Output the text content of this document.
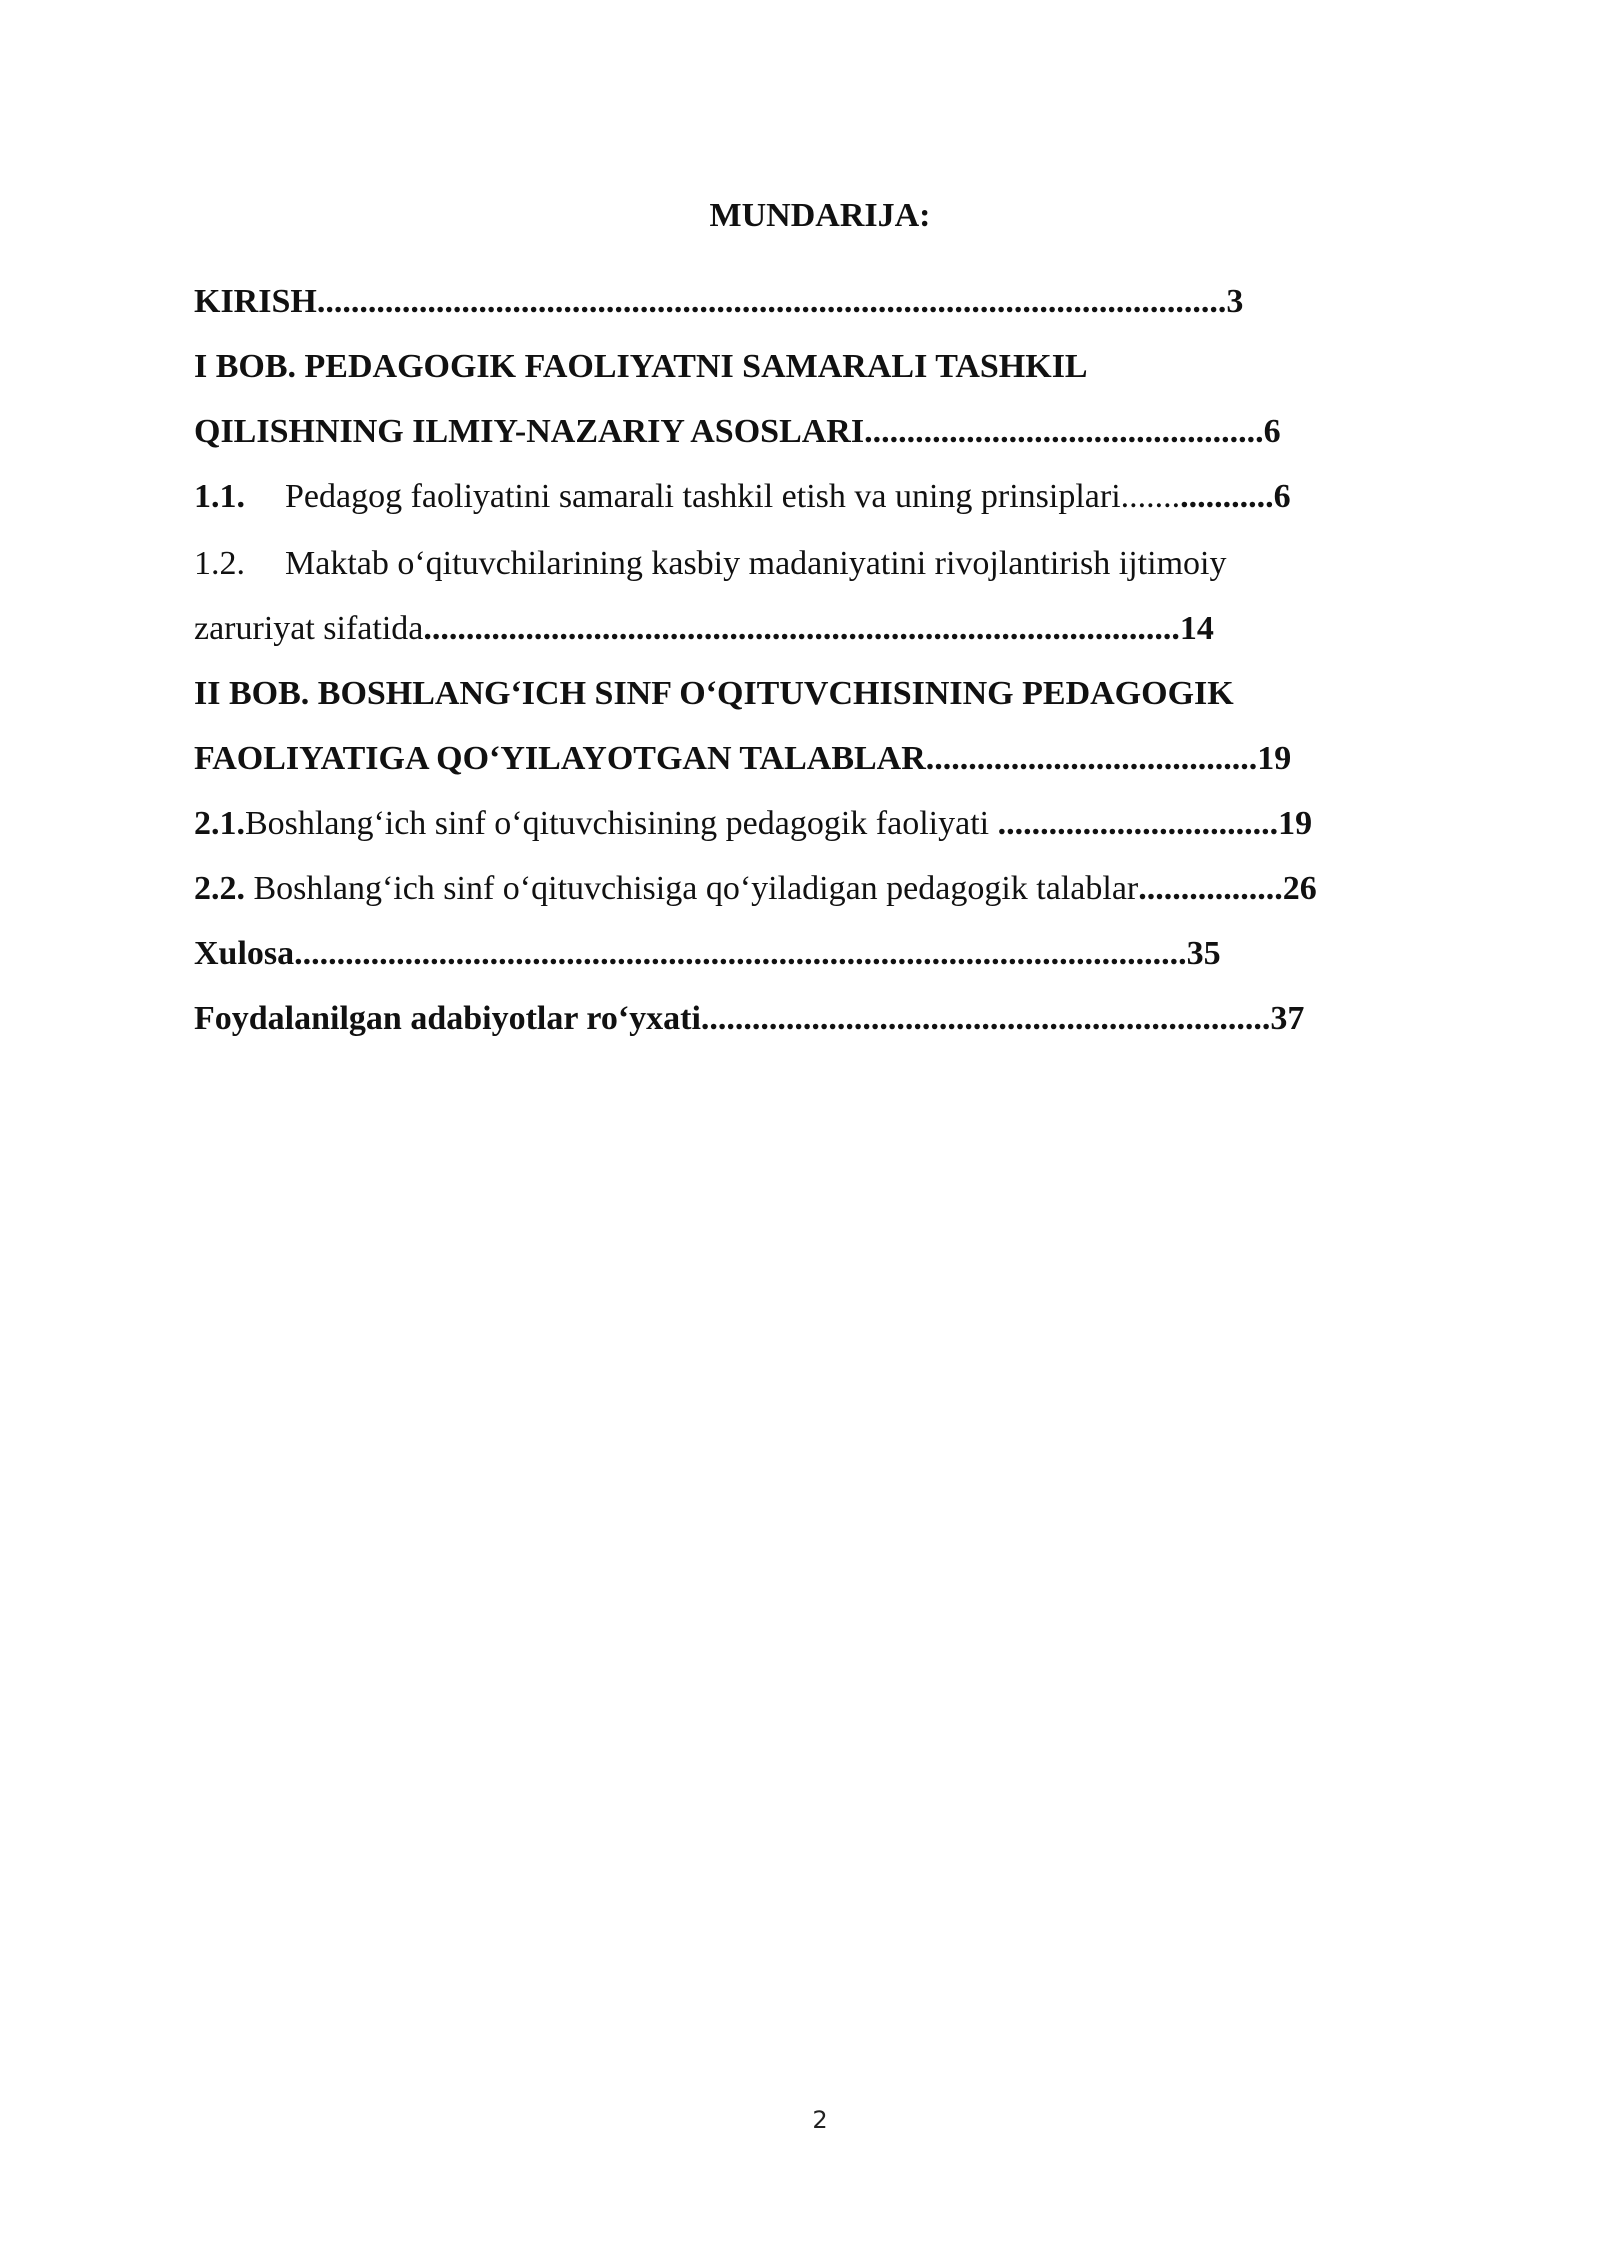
MUNDARIJA:
KIRISH...........................................................................................................3
I BOB. PEDAGOGIK FAOLIYATNI SAMARALI TASHKIL
QILISHNING ILMIY-NAZARIY ASOSLARI...............................................6
1.1. Pedagog faoliyatini samarali tashkil etish va uning prinsiplari..................6
1.2. Maktab o‘qituvchilarining kasbiy madaniyatini rivojlantirish ijtimoiy
zaruriyat sifatida.........................................................................................14
II BOB. BOSHLANG‘ICH SINF O‘QITUVCHISINING PEDAGOGIK
FAOLIYATIGA QO‘YILAYOTGAN TALABLAR.......................................19
2.1.Boshlang‘ich sinf o‘qituvchisining pedagogik faoliyati .................................19
2.2. Boshlang‘ich sinf o‘qituvchisiga qo‘yiladigan pedagogik talablar.................26
Xulosa.........................................................................................................35
Foydalanilgan adabiyotlar ro‘yxati...................................................................37
2
